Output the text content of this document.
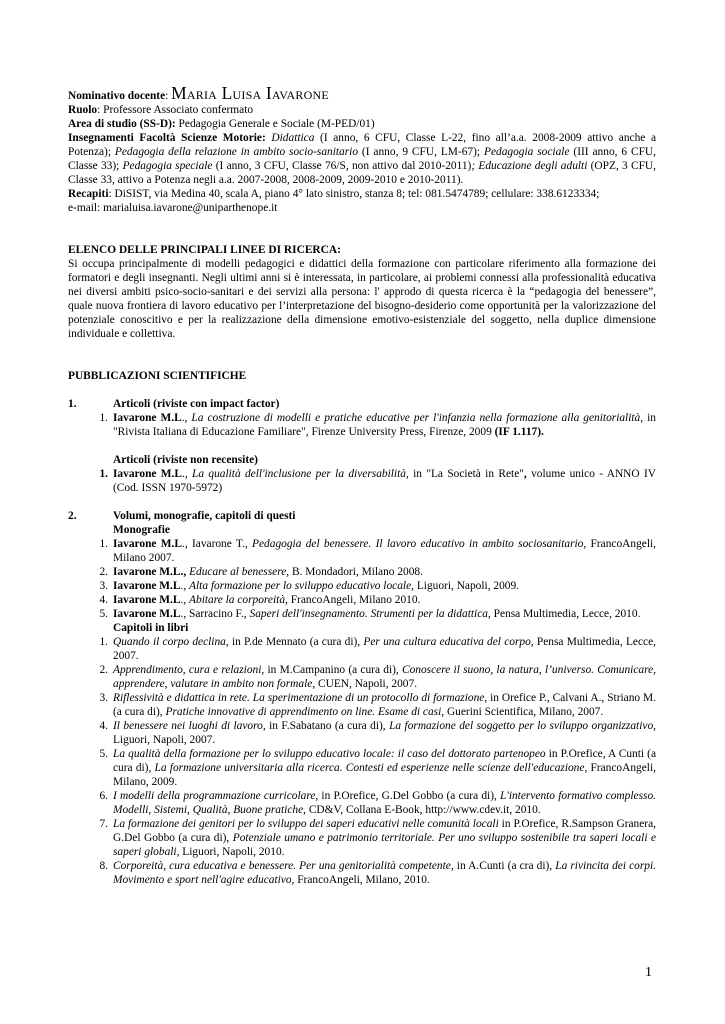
Nominativo docente: Maria Luisa Iavarone
Ruolo: Professore Associato confermato
Area di studio (SS-D): Pedagogia Generale e Sociale (M-PED/01)
Insegnamenti Facoltà Scienze Motorie: Didattica (I anno, 6 CFU, Classe L-22, fino all’a.a. 2008-2009 attivo anche a Potenza); Pedagogia della relazione in ambito socio-sanitario (I anno, 9 CFU, LM-67); Pedagogia sociale (III anno, 6 CFU, Classe 33); Pedagogia speciale (I anno, 3 CFU, Classe 76/S, non attivo dal 2010-2011); Educazione degli adulti (OPZ, 3 CFU, Classe 33, attivo a Potenza negli a.a. 2007-2008, 2008-2009, 2009-2010 e 2010-2011).
Recapiti: DiSIST, via Medina 40, scala A, piano 4° lato sinistro, stanza 8; tel: 081.5474789; cellulare: 338.6123334;
e-mail: marialuisa.iavarone@uniparthenope.it
ELENCO DELLE PRINCIPALI LINEE DI RICERCA:
Si occupa principalmente di modelli pedagogici e didattici della formazione con particolare riferimento alla formazione dei formatori e degli insegnanti. Negli ultimi anni si è interessata, in particolare, ai problemi connessi alla professionalità educativa nei diversi ambiti psico-socio-sanitari e dei servizi alla persona: l' approdo di questa ricerca è la “pedagogia del benessere”, quale nuova frontiera di lavoro educativo per l’interpretazione del bisogno-desiderio come opportunità per la valorizzazione del potenziale conoscitivo e per la realizzazione della dimensione emotivo-esistenziale del soggetto, nella duplice dimensione individuale e collettiva.
PUBBLICAZIONI SCIENTIFICHE
1.	Articoli (riviste con impact factor)
1. Iavarone M.L., La costruzione di modelli e pratiche educative per l'infanzia nella formazione alla genitorialità, in "Rivista Italiana di Educazione Familiare", Firenze University Press, Firenze, 2009 (IF 1.117).
Articoli (riviste non recensite)
1. Iavarone M.L., La qualità dell'inclusione per la diversabilità, in "La Società in Rete", volume unico - ANNO IV (Cod. ISSN 1970-5972)
2.	Volumi, monografie, capitoli di questi
Monografie
1. Iavarone M.L., Iavarone T., Pedagogia del benessere. Il lavoro educativo in ambito sociosanitario, FrancoAngeli, Milano 2007.
2. Iavarone M.L., Educare al benessere, B. Mondadori, Milano 2008.
3. Iavarone M.L., Alta formazione per lo sviluppo educativo locale, Liguori, Napoli, 2009.
4. Iavarone M.L., Abitare la corporeità, FrancoAngeli, Milano 2010.
5. Iavarone M.L., Sarracino F., Saperi dell'insegnamento. Strumenti per la didattica, Pensa Multimedia, Lecce, 2010.
Capitoli in libri
1. Quando il corpo declina, in P.de Mennato (a cura di), Per una cultura educativa del corpo, Pensa Multimedia, Lecce, 2007.
2. Apprendimento, cura e relazioni, in M.Campanino (a cura di), Conoscere il suono, la natura, l’universo. Comunicare, apprendere, valutare in ambito non formale, CUEN, Napoli, 2007.
3. Riflessività e didattica in rete. La sperimentazione di un protocollo di formazione, in Orefice P., Calvani A., Striano M.(a cura di), Pratiche innovative di apprendimento on line. Esame di casi, Guerini Scientifica, Milano, 2007.
4. Il benessere nei luoghi di lavoro, in F.Sabatano (a cura di), La formazione del soggetto per lo sviluppo organizzativo, Liguori, Napoli, 2007.
5. La qualità della formazione per lo sviluppo educativo locale: il caso del dottorato partenopeo in P.Orefice, A Cunti (a cura di), La formazione universitaria alla ricerca. Contesti ed esperienze nelle scienze dell'educazione, FrancoAngeli, Milano, 2009.
6. I modelli della programmazione curricolare, in P.Orefice, G.Del Gobbo (a cura di), L'intervento formativo complesso. Modelli, Sistemi, Qualità, Buone pratiche, CD&V, Collana E-Book, http://www.cdev.it, 2010.
7. La formazione dei genitori per lo sviluppo dei saperi educativi nelle comunità locali in P.Orefice, R.Sampson Granera, G.Del Gobbo (a cura di), Potenziale umano e patrimonio territoriale. Per uno sviluppo sostenibile tra saperi locali e saperi globali, Liguori, Napoli, 2010.
8. Corporeità, cura educativa e benessere. Per una genitorialità competente, in A.Cunti (a cra di), La rivincita dei corpi. Movimento e sport nell'agire educativo, FrancoAngeli, Milano, 2010.
1
